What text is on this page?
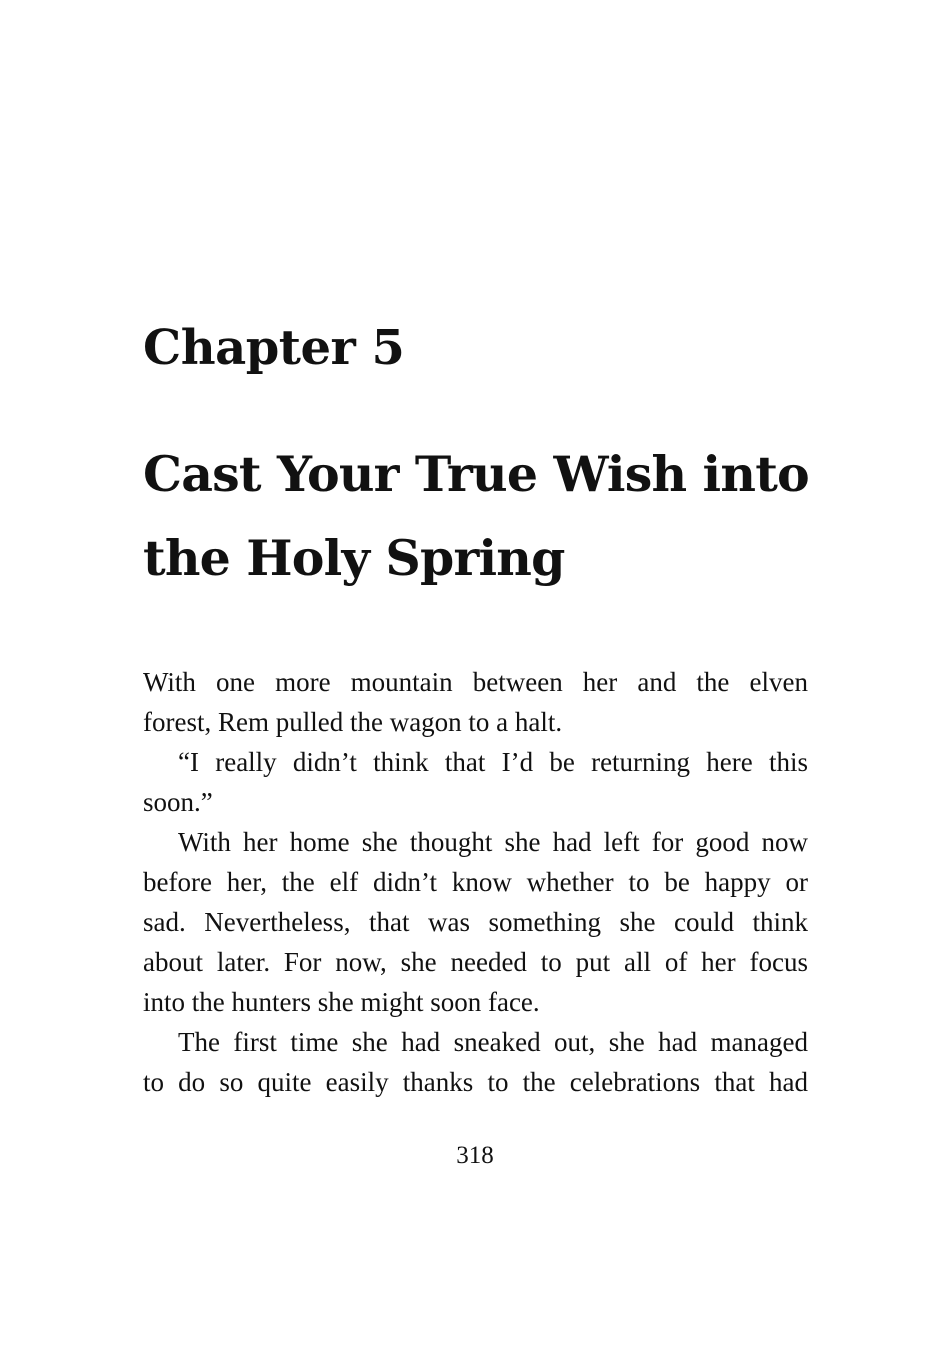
Chapter 5
Cast Your True Wish into
the Holy Spring
With one more mountain between her and the elven
forest, Rem pulled the wagon to a halt.
“I really didn’t think that I’d be returning here this
soon.”
With her home she thought she had left for good now
before her, the elf didn’t know whether to be happy or
sad. Nevertheless, that was something she could think
about later. For now, she needed to put all of her focus
into the hunters she might soon face.
The first time she had sneaked out, she had managed
to do so quite easily thanks to the celebrations that had
318
